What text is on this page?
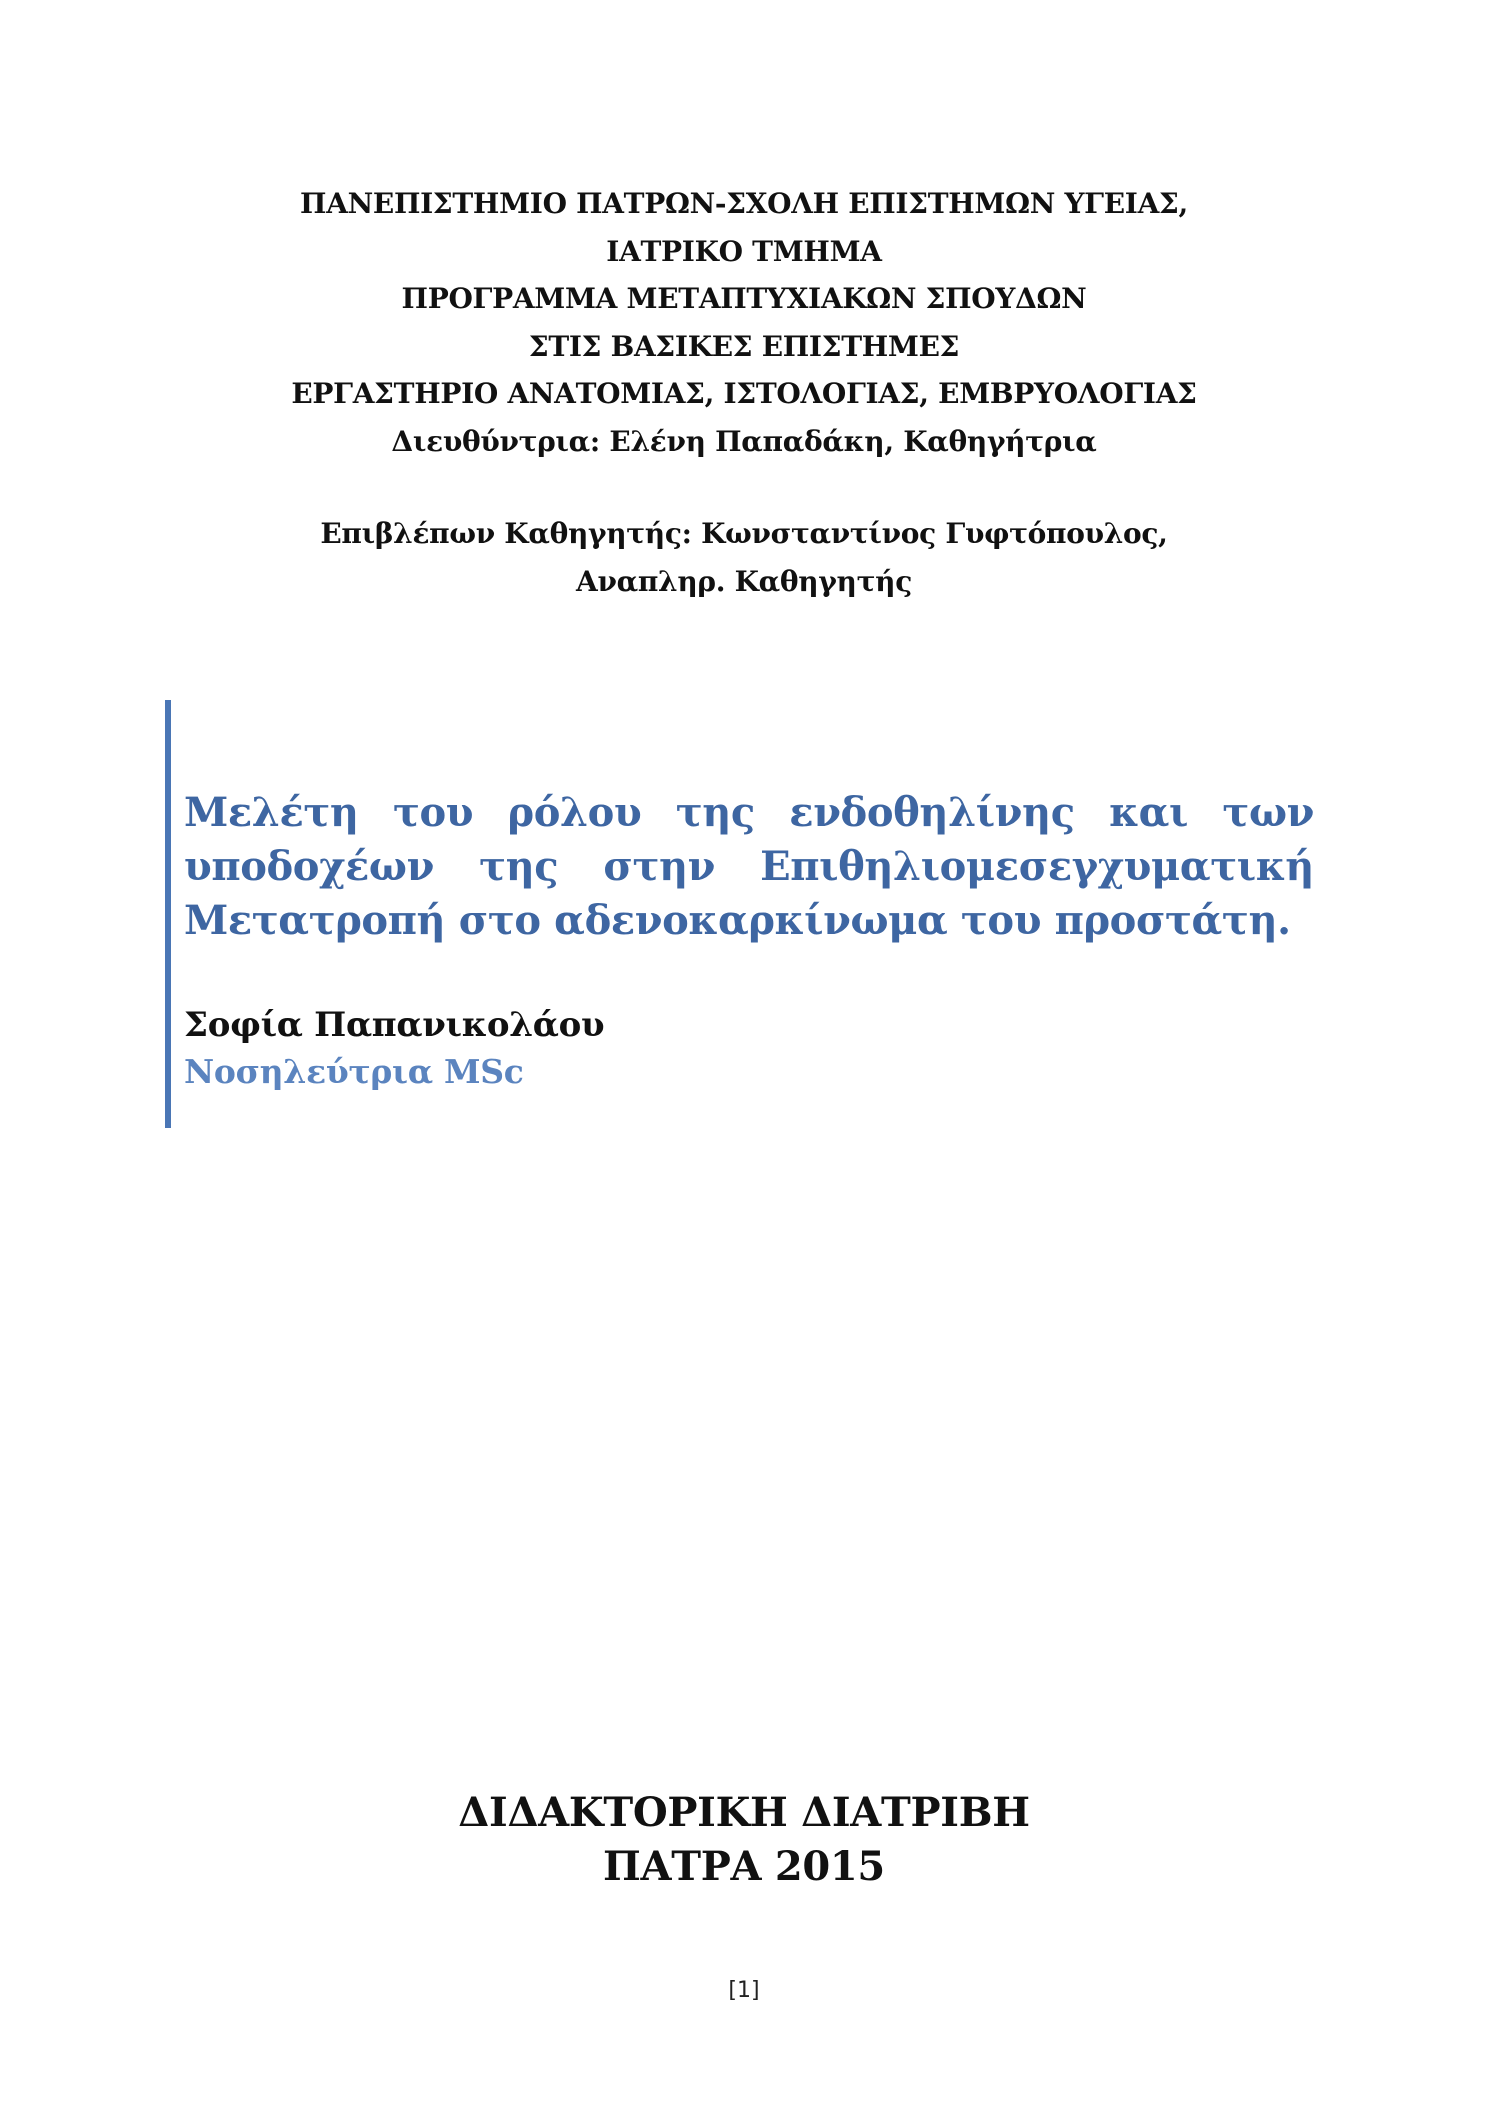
ΠΑΝΕΠΙΣΤΗΜΙΟ ΠΑΤΡΩΝ-ΣΧΟΛΗ ΕΠΙΣΤΗΜΩΝ ΥΓΕΙΑΣ,
ΙΑΤΡΙΚΟ ΤΜΗΜΑ
ΠΡΟΓΡΑΜΜΑ ΜΕΤΑΠΤΥΧΙΑΚΩΝ ΣΠΟΥΔΩΝ
ΣΤΙΣ ΒΑΣΙΚΕΣ ΕΠΙΣΤΗΜΕΣ
ΕΡΓΑΣΤΗΡΙΟ ΑΝΑΤΟΜΙΑΣ, ΙΣΤΟΛΟΓΙΑΣ, ΕΜΒΡΥΟΛΟΓΙΑΣ
Διευθύντρια: Ελένη Παπαδάκη, Καθηγήτρια
Επιβλέπων Καθηγητής: Κωνσταντίνος Γυφτόπουλος,
Αναπληρ. Καθηγητής

Μελέτη του ρόλου της ενδοθηλίνης και των υποδοχέων της στην Επιθηλιομεσεγχυματική Μετατροπή στο αδενοκαρκίνωμα του προστάτη.

Σοφία Παπανικολάου
Νοσηλεύτρια MSc
ΔΙΔΑΚΤΟΡΙΚΗ ΔΙΑΤΡΙΒΗ
ΠΑΤΡΑ 2015
[1]
